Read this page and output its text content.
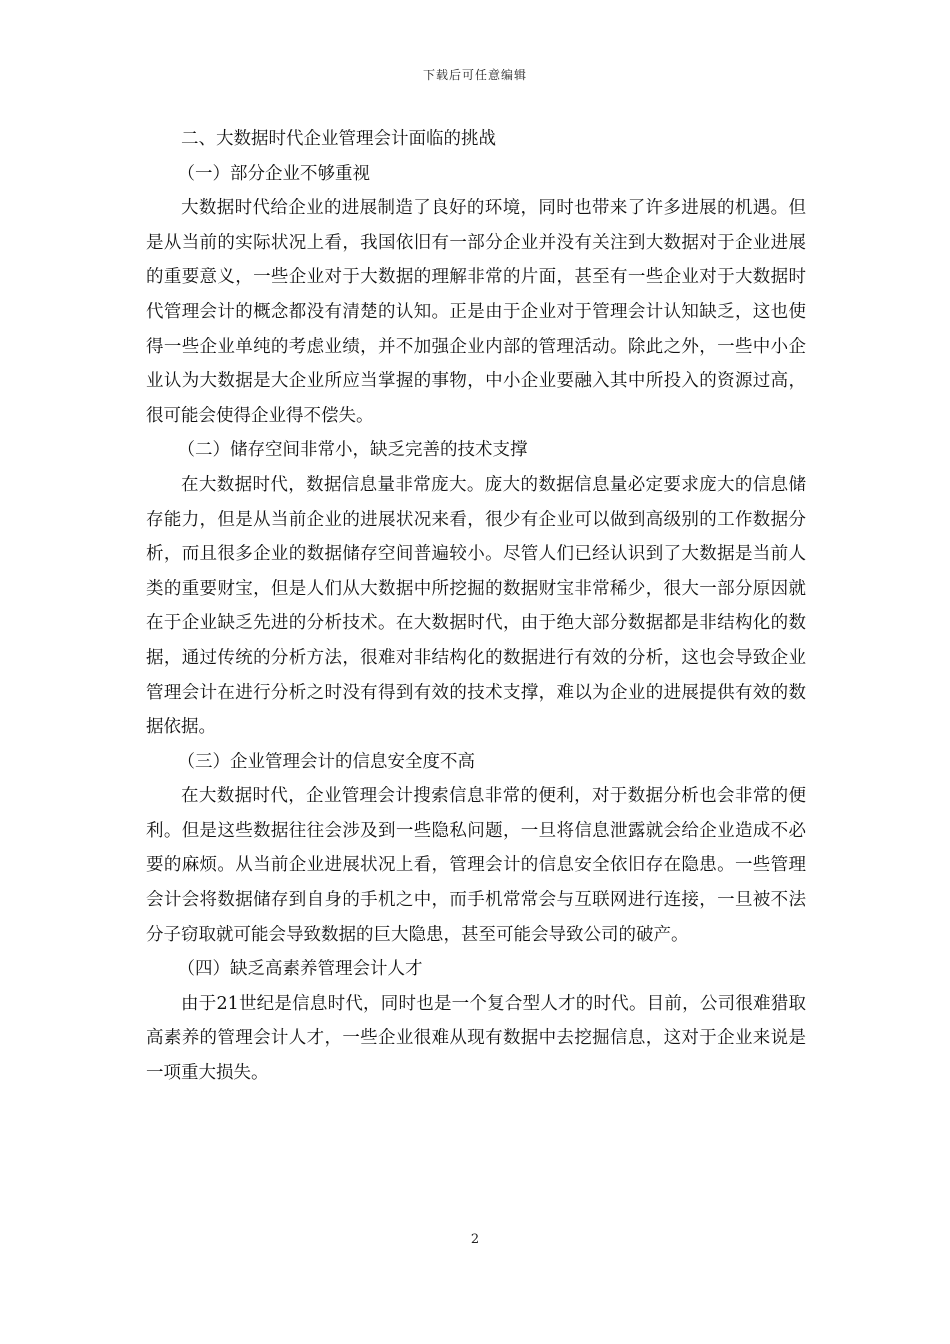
下载后可任意编辑

二、大数据时代企业管理会计面临的挑战

（一）部分企业不够重视

大数据时代给企业的进展制造了良好的环境，同时也带来了许多进展的机遇。但是从当前的实际状况上看，我国依旧有一部分企业并没有关注到大数据对于企业进展的重要意义，一些企业对于大数据的理解非常的片面，甚至有一些企业对于大数据时代管理会计的概念都没有清楚的认知。正是由于企业对于管理会计认知缺乏，这也使得一些企业单纯的考虑业绩，并不加强企业内部的管理活动。除此之外，一些中小企业认为大数据是大企业所应当掌握的事物，中小企业要融入其中所投入的资源过高，很可能会使得企业得不偿失。

（二）储存空间非常小，缺乏完善的技术支撑

在大数据时代，数据信息量非常庞大。庞大的数据信息量必定要求庞大的信息储存能力，但是从当前企业的进展状况来看，很少有企业可以做到高级别的工作数据分析，而且很多企业的数据储存空间普遍较小。尽管人们已经认识到了大数据是当前人类的重要财宝，但是人们从大数据中所挖掘的数据财宝非常稀少，很大一部分原因就在于企业缺乏先进的分析技术。在大数据时代，由于绝大部分数据都是非结构化的数据，通过传统的分析方法，很难对非结构化的数据进行有效的分析，这也会导致企业管理会计在进行分析之时没有得到有效的技术支撑，难以为企业的进展提供有效的数据依据。

（三）企业管理会计的信息安全度不高

在大数据时代，企业管理会计搜索信息非常的便利，对于数据分析也会非常的便利。但是这些数据往往会涉及到一些隐私问题，一旦将信息泄露就会给企业造成不必要的麻烦。从当前企业进展状况上看，管理会计的信息安全依旧存在隐患。一些管理会计会将数据储存到自身的手机之中，而手机常常会与互联网进行连接，一旦被不法分子窃取就可能会导致数据的巨大隐患，甚至可能会导致公司的破产。

（四）缺乏高素养管理会计人才

由于21世纪是信息时代，同时也是一个复合型人才的时代。目前，公司很难猎取高素养的管理会计人才，一些企业很难从现有数据中去挖掘信息，这对于企业来说是一项重大损失。

2
